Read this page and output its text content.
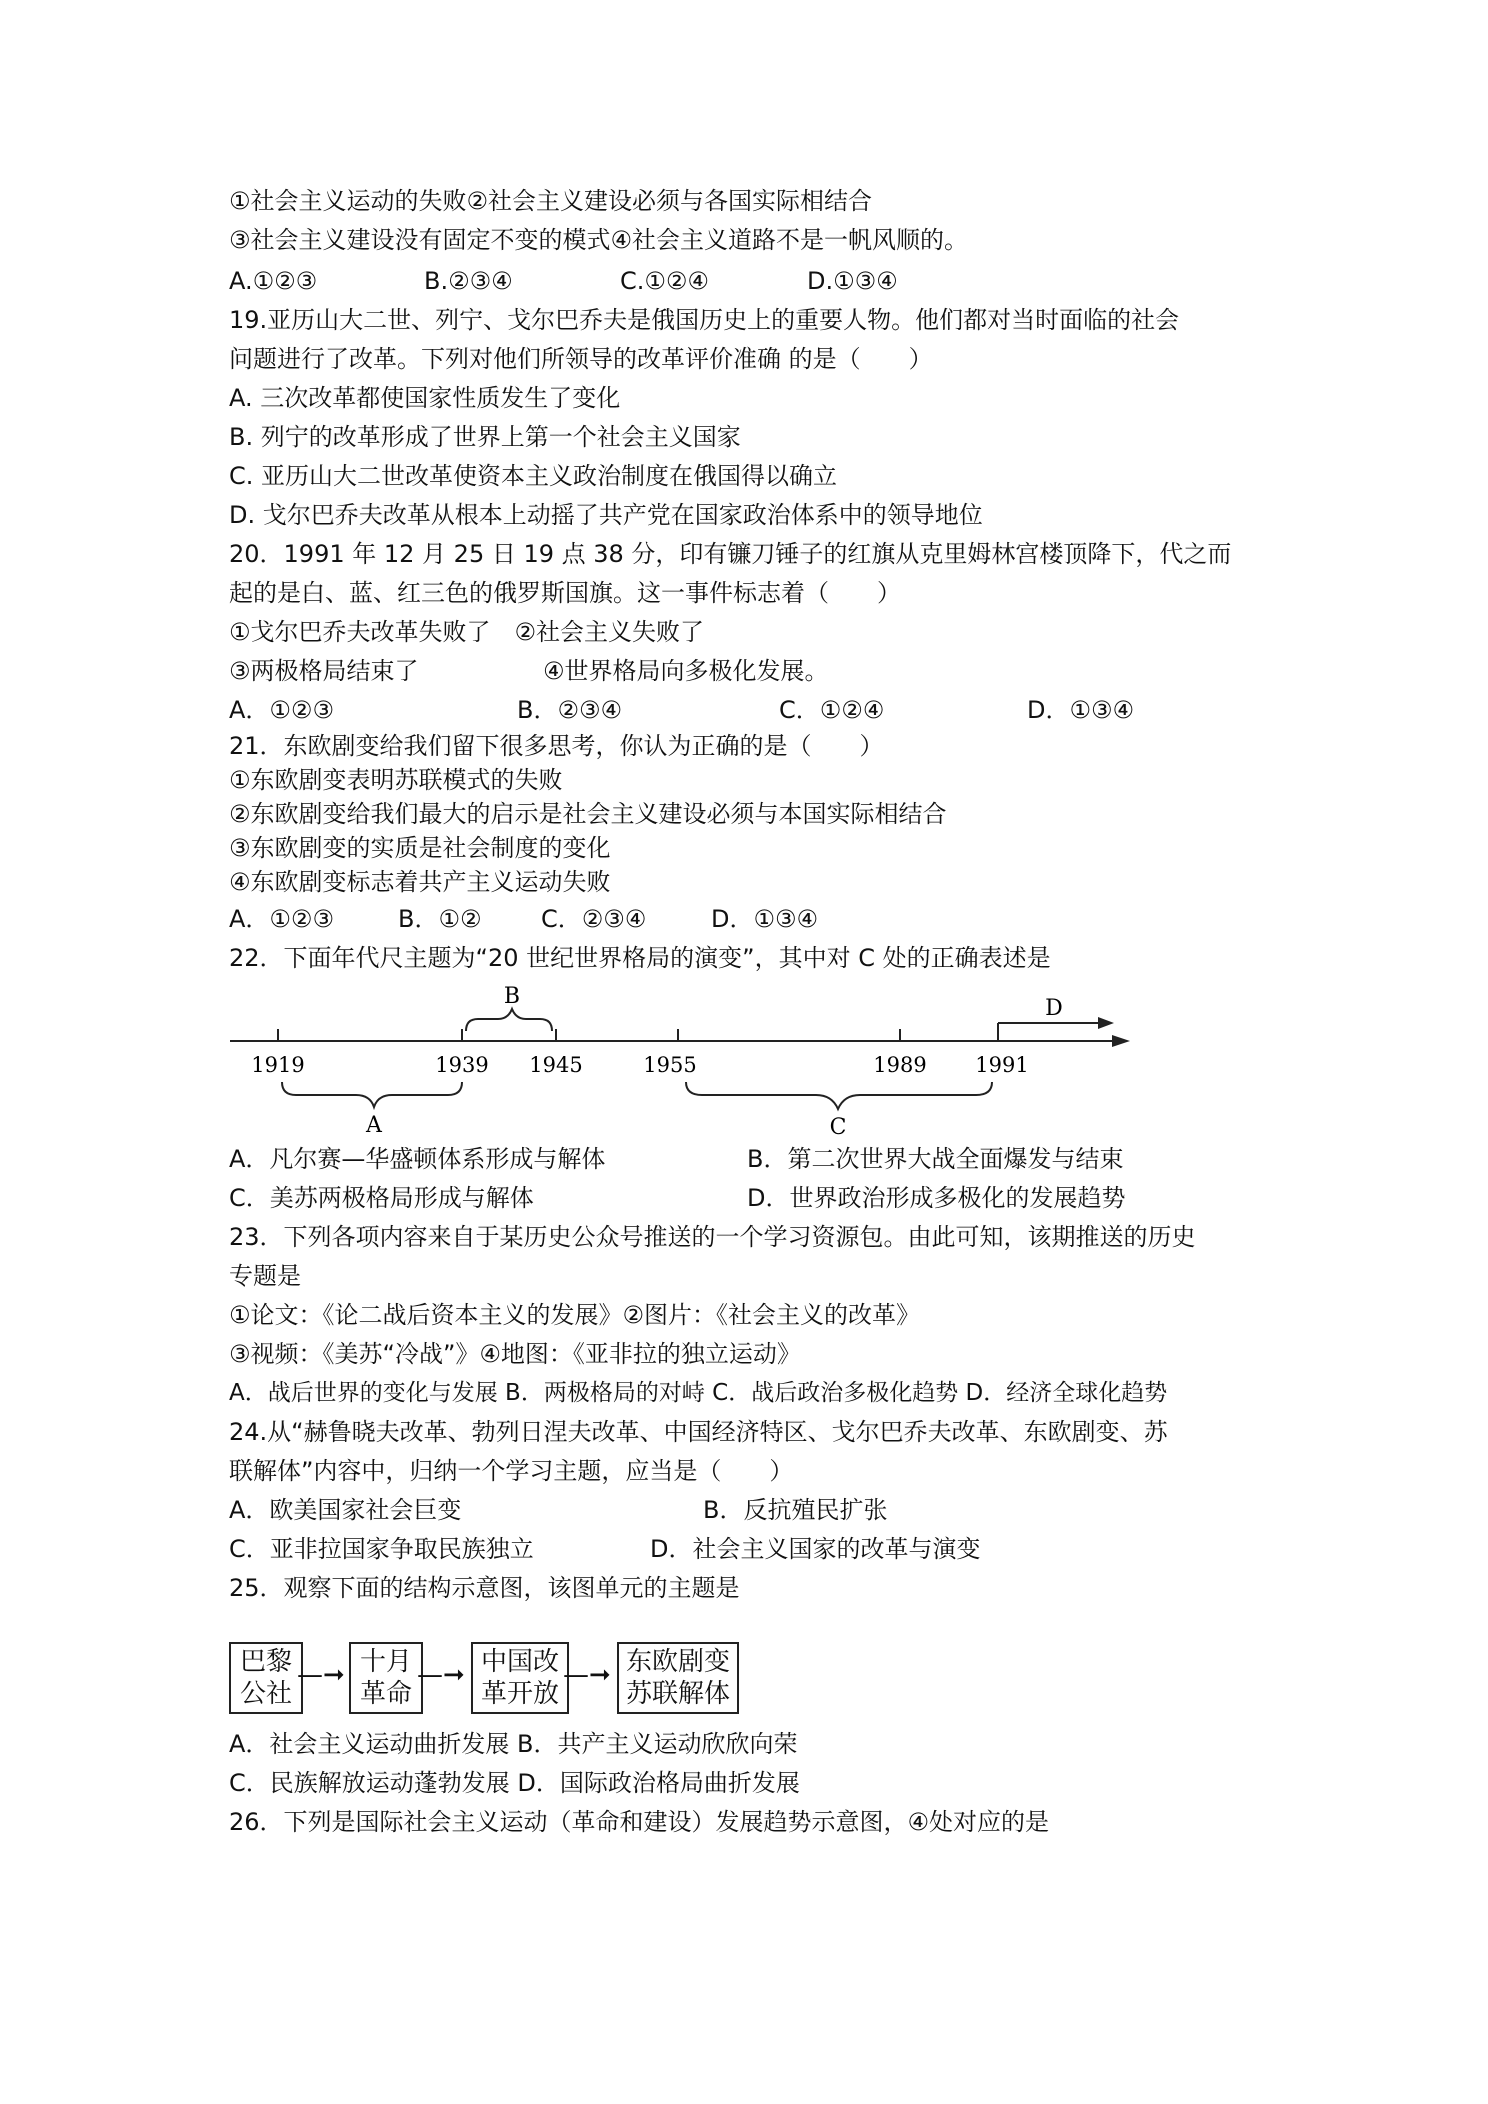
①社会主义运动的失败②社会主义建设必须与各国实际相结合
③社会主义建设没有固定不变的模式④社会主义道路不是一帆风顺的。
A.①②③	B.②③④	C.①②④	D.①③④
19.亚历山大二世、列宁、戈尔巴乔夫是俄国历史上的重要人物。他们都对当时面临的社会
问题进行了改革。下列对他们所领导的改革评价准确 的是（　　）
A. 三次改革都使国家性质发生了变化
B. 列宁的改革形成了世界上第一个社会主义国家
C. 亚历山大二世改革使资本主义政治制度在俄国得以确立
D. 戈尔巴乔夫改革从根本上动摇了共产党在国家政治体系中的领导地位
20．1991 年 12 月 25 日 19 点 38 分，印有镰刀锤子的红旗从克里姆林宫楼顶降下，代之而
起的是白、蓝、红三色的俄罗斯国旗。这一事件标志着（　　）
①戈尔巴乔夫改革失败了　②社会主义失败了
③两极格局结束了	④世界格局向多极化发展。
A．①②③	B．②③④	C．①②④	D．①③④
21．东欧剧变给我们留下很多思考，你认为正确的是（　　）
①东欧剧变表明苏联模式的失败
②东欧剧变给我们最大的启示是社会主义建设必须与本国实际相结合
③东欧剧变的实质是社会制度的变化
④东欧剧变标志着共产主义运动失败
A．①②③	B．①② C．②③④	D．①③④
22．下面年代尺主题为“20 世纪世界格局的演变”，其中对 C 处的正确表述是
1919	1939 1945	1955	1989 1991
A
B
C
D
A．凡尔赛—华盛顿体系形成与解体	B．第二次世界大战全面爆发与结束
C．美苏两极格局形成与解体	D．世界政治形成多极化的发展趋势
23．下列各项内容来自于某历史公众号推送的一个学习资源包。由此可知，该期推送的历史
专题是
①论文：《论二战后资本主义的发展》②图片：《社会主义的改革》
③视频：《美苏“冷战”》④地图：《亚非拉的独立运动》
A．战后世界的变化与发展 B．两极格局的对峙 C．战后政治多极化趋势 D．经济全球化趋势
24.从“赫鲁晓夫改革、勃列日涅夫改革、中国经济特区、戈尔巴乔夫改革、东欧剧变、苏
联解体”内容中，归纳一个学习主题，应当是（　　）
A．欧美国家社会巨变	B．反抗殖民扩张
C．亚非拉国家争取民族独立	D．社会主义国家的改革与演变
25．观察下面的结构示意图，该图单元的主题是
巴黎
公社
—➞ 十月
革命
—➞ 中国改
革开放
—➞ 东欧剧变
苏联解体
A．社会主义运动曲折发展 B．共产主义运动欣欣向荣
C．民族解放运动蓬勃发展 D．国际政治格局曲折发展
26．下列是国际社会主义运动（革命和建设）发展趋势示意图，④处对应的是
